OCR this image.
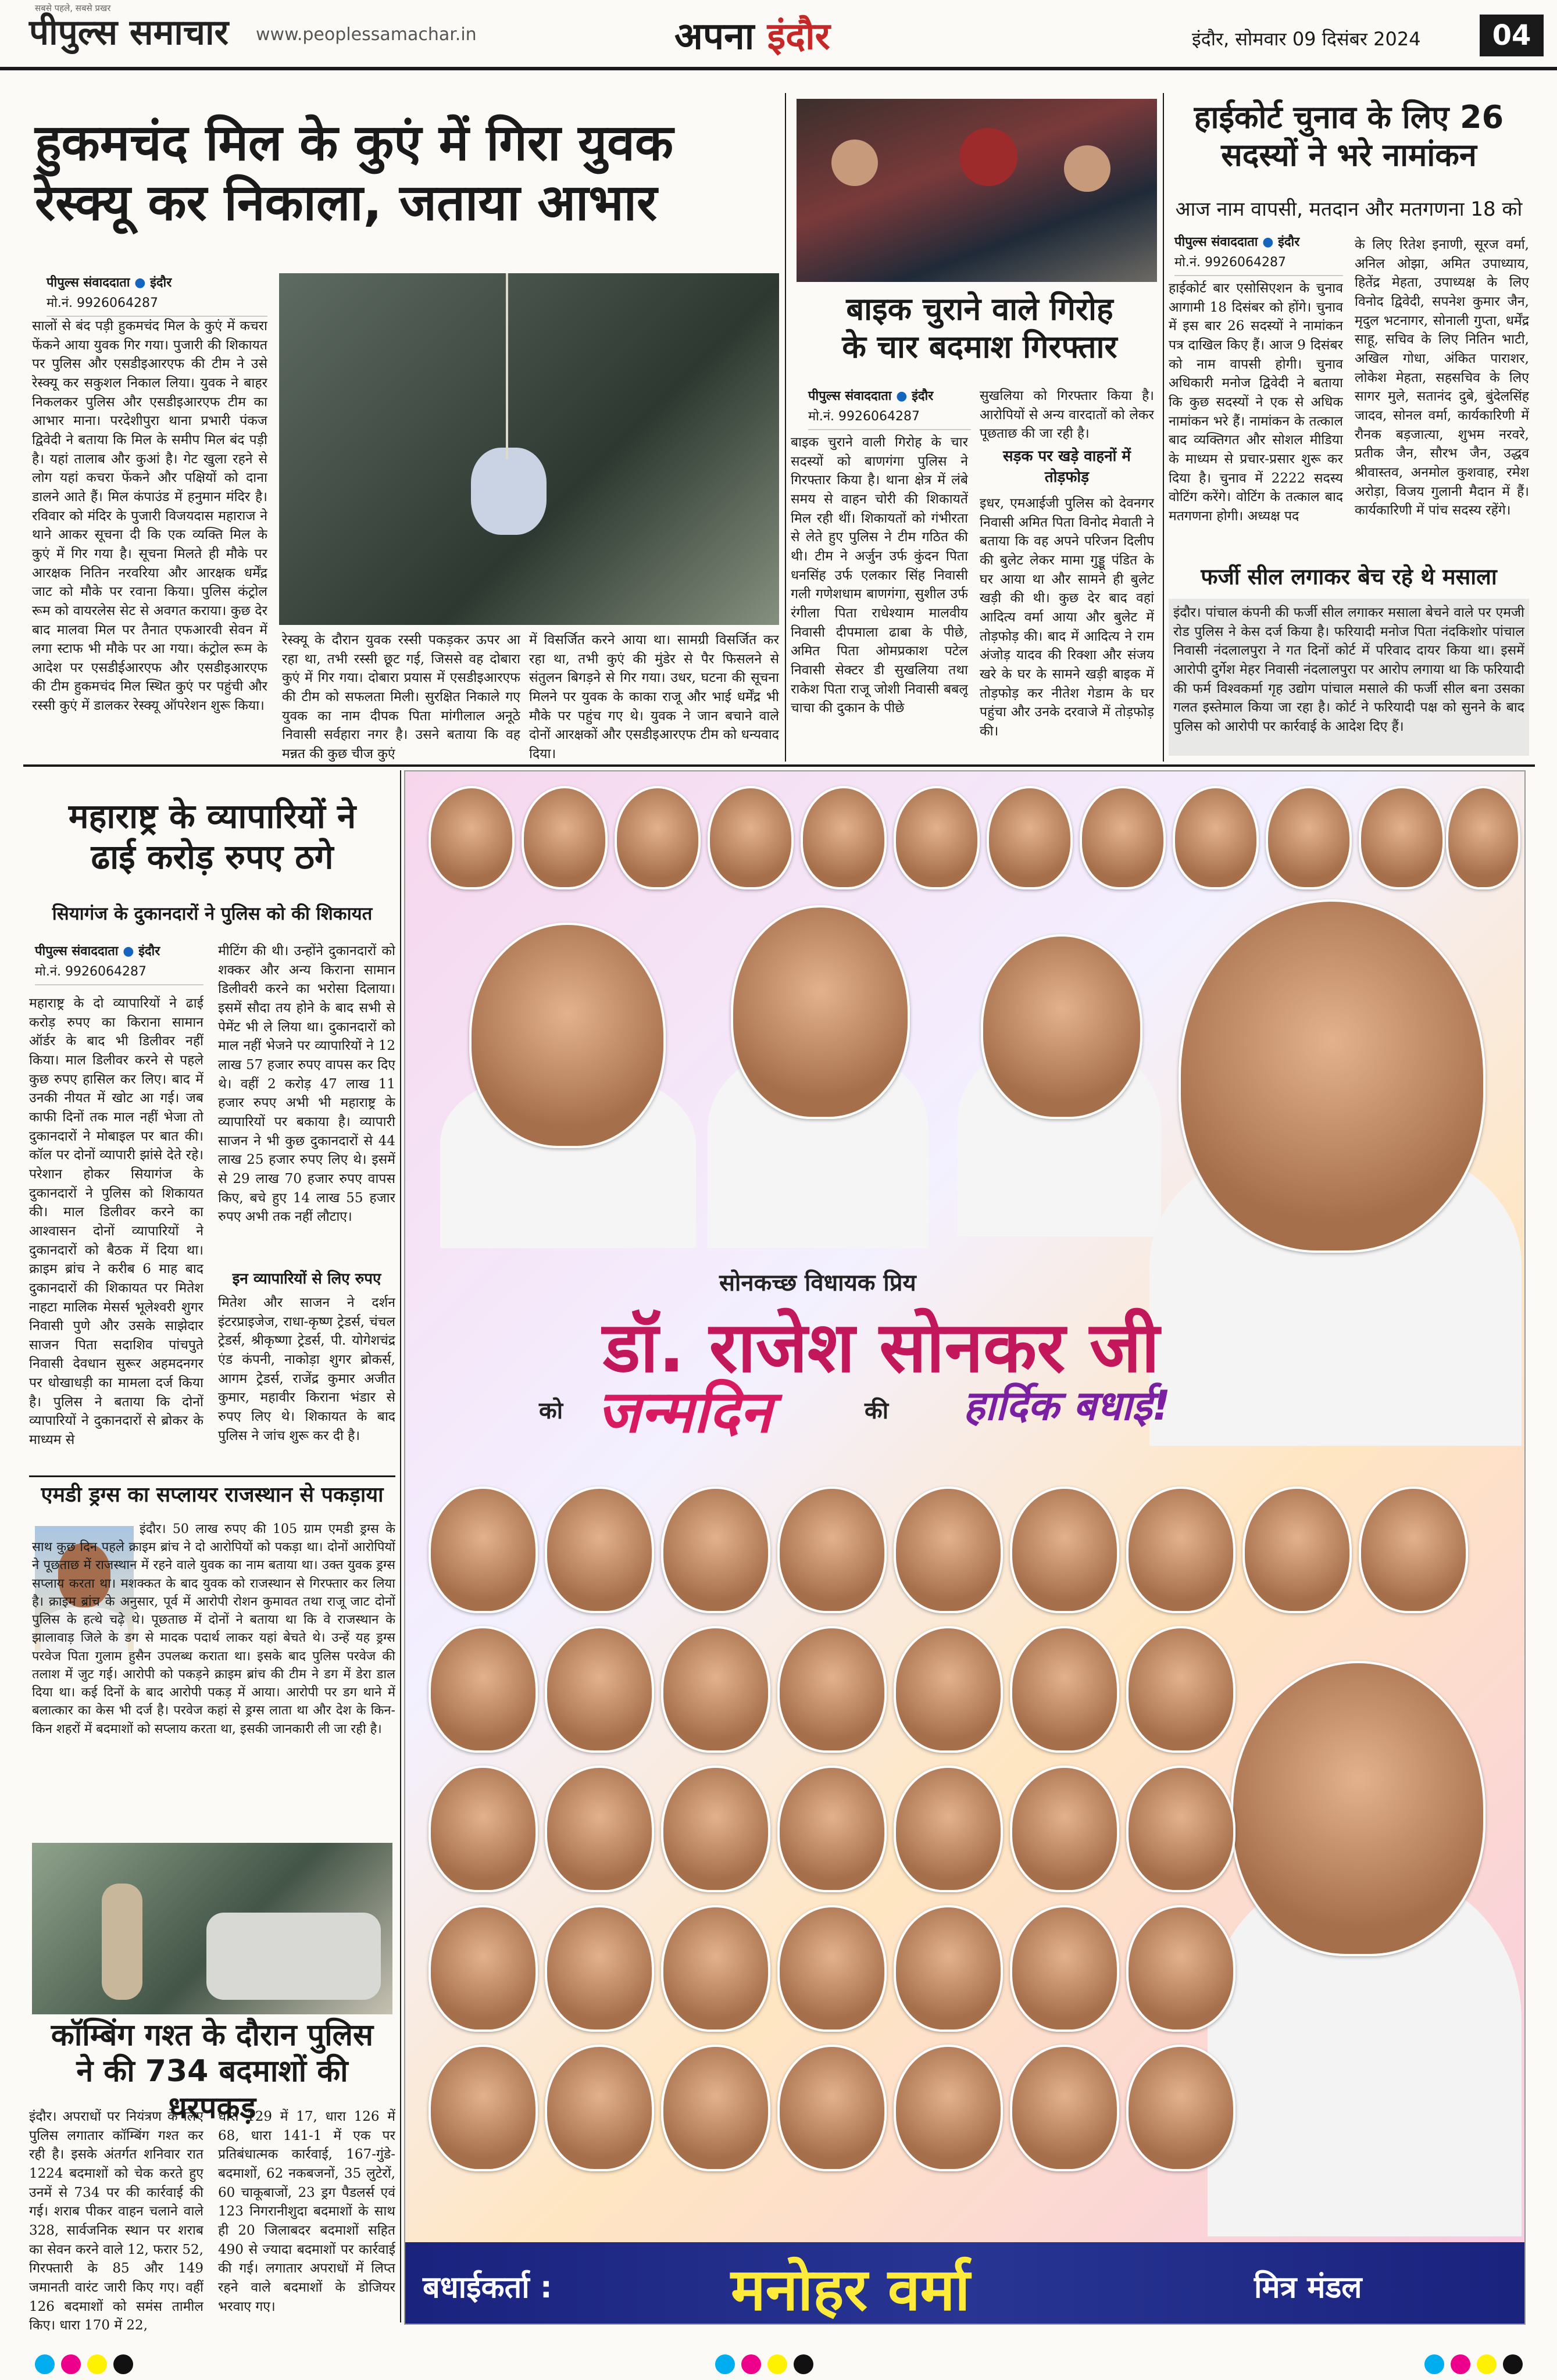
पीपुल्स समाचार
सबसे पहले, सबसे प्रखर
www.peoplessamachar.in	अपना इंदौर	इंदौर, सोमवार 09 दिसंबर 2024	04
हुकमचंद मिल के कुएं में गिरा युवक
रेस्क्यू कर निकाला, जताया आभार
पीपुल्स संवाददाता ● इंदौर
मो.नं. 9926064287
सालों से बंद पड़ी हुकमचंद मिल के कुएं में कचरा फेंकने आया युवक गिर गया। पुजारी की शिकायत पर पुलिस और एसडीइआरएफ की टीम ने उसे रेस्क्यू कर सकुशल निकाल लिया। युवक ने बाहर निकलकर पुलिस और एसडीइआरएफ टीम का आभार माना। परदेशीपुरा थाना प्रभारी पंकज द्विवेदी ने बताया कि मिल के समीप मिल बंद पड़ी है। यहां तालाब और कुआं है। गेट खुला रहने से लोग यहां कचरा फेंकने और पक्षियों को दाना डालने आते हैं। मिल कंपाउंड में हनुमान मंदिर है। रविवार को मंदिर के पुजारी विजयदास महाराज ने थाने आकर सूचना दी कि एक व्यक्ति मिल के कुएं में गिर गया है। सूचना मिलते ही मौके पर आरक्षक नितिन नरवरिया और आरक्षक धर्मेंद्र जाट को मौके पर रवाना किया। पुलिस कंट्रोल रूम को वायरलेस सेट से अवगत कराया। कुछ देर बाद मालवा मिल पर तैनात एफआरवी सेवन में लगा स्टाफ भी मौके पर आ गया। कंट्रोल रूम के आदेश पर एसडीईआरएफ और एसडीइआरएफ की टीम हुकमचंद मिल स्थित कुएं पर पहुंची और रस्सी कुएं में डालकर रेस्क्यू ऑपरेशन शुरू किया।
रेस्क्यू के दौरान युवक रस्सी पकड़कर ऊपर आ रहा था, तभी रस्सी छूट गई, जिससे वह दोबारा कुएं में गिर गया। दोबारा प्रयास में एसडीइआरएफ की टीम को सफलता मिली। सुरक्षित निकाले गए युवक का नाम दीपक पिता मांगीलाल अनूठे निवासी सर्वहारा नगर है। उसने बताया कि वह मन्नत की कुछ चीज कुएं
में विसर्जित करने आया था। सामग्री विसर्जित कर रहा था, तभी कुएं की मुंडेर से पैर फिसलने से संतुलन बिगड़ने से गिर गया। उधर, घटना की सूचना मिलने पर युवक के काका राजू और भाई धर्मेंद्र भी मौके पर पहुंच गए थे। युवक ने जान बचाने वाले दोनों आरक्षकों और एसडीइआरएफ टीम को धन्यवाद दिया।
बाइक चुराने वाले गिरोह
के चार बदमाश गिरफ्तार
पीपुल्स संवाददाता ● इंदौर
मो.नं. 9926064287
बाइक चुराने वाली गिरोह के चार सदस्यों को बाणगंगा पुलिस ने गिरफ्तार किया है। थाना क्षेत्र में लंबे समय से वाहन चोरी की शिकायतें मिल रही थीं। शिकायतों को गंभीरता से लेते हुए पुलिस ने टीम गठित की थी। टीम ने अर्जुन उर्फ कुंदन पिता धनसिंह उर्फ एलकार सिंह निवासी गली गणेशधाम बाणगंगा, सुशील उर्फ रंगीला पिता राधेश्याम मालवीय निवासी दीपमाला ढाबा के पीछे, अमित पिता ओमप्रकाश पटेल निवासी सेक्टर डी सुखलिया तथा राकेश पिता राजू जोशी निवासी बबलू चाचा की दुकान के पीछे
सुखलिया को गिरफ्तार किया है। आरोपियों से अन्य वारदातों को लेकर पूछताछ की जा रही है।
सड़क पर खड़े वाहनों में तोड़फोड़
इधर, एमआईजी पुलिस को देवनगर निवासी अमित पिता विनोद मेवाती ने बताया कि वह अपने परिजन दिलीप की बुलेट लेकर मामा गुड्डू पंडित के घर आया था और सामने ही बुलेट खड़ी की थी। कुछ देर बाद वहां आदित्य वर्मा आया और बुलेट में तोड़फोड़ की। बाद में आदित्य ने राम अंजोड़ यादव की रिक्शा और संजय खरे के घर के सामने खड़ी बाइक में तोड़फोड़ कर नीतेश गेडाम के घर पहुंचा और उनके दरवाजे में तोड़फोड़ की।
हाईकोर्ट चुनाव के लिए 26
सदस्यों ने भरे नामांकन
आज नाम वापसी, मतदान और मतगणना 18 को
पीपुल्स संवाददाता ● इंदौर
मो.नं. 9926064287
हाईकोर्ट बार एसोसिएशन के चुनाव आगामी 18 दिसंबर को होंगे। चुनाव में इस बार 26 सदस्यों ने नामांकन पत्र दाखिल किए हैं। आज 9 दिसंबर को नाम वापसी होगी। चुनाव अधिकारी मनोज द्विवेदी ने बताया कि कुछ सदस्यों ने एक से अधिक नामांकन भरे हैं। नामांकन के तत्काल बाद व्यक्तिगत और सोशल मीडिया के माध्यम से प्रचार-प्रसार शुरू कर दिया है। चुनाव में 2222 सदस्य वोटिंग करेंगे। वोटिंग के तत्काल बाद मतगणना होगी। अध्यक्ष पद
के लिए रितेश इनाणी, सूरज वर्मा, अनिल ओझा, अमित उपाध्याय, हितेंद्र मेहता, उपाध्यक्ष के लिए विनोद द्विवेदी, सपनेश कुमार जैन, मृदुल भटनागर, सोनाली गुप्ता, धर्मेंद्र साहू, सचिव के लिए नितिन भाटी, अखिल गोधा, अंकित पाराशर, लोकेश मेहता, सहसचिव के लिए सागर मुले, सतानंद दुबे, बुंदेलसिंह जादव, सोनल वर्मा, कार्यकारिणी में रौनक बड़जात्या, शुभम नरवरे, प्रतीक जैन, सौरभ जैन, उद्धव श्रीवास्तव, अनमोल कुशवाह, रमेश अरोड़ा, विजय गुलानी मैदान में हैं। कार्यकारिणी में पांच सदस्य रहेंगे।
फर्जी सील लगाकर बेच रहे थे मसाला
इंदौर। पांचाल कंपनी की फर्जी सील लगाकर मसाला बेचने वाले पर एमजी रोड पुलिस ने केस दर्ज किया है। फरियादी मनोज पिता नंदकिशोर पांचाल निवासी नंदलालपुरा ने गत दिनों कोर्ट में परिवाद दायर किया था। इसमें आरोपी दुर्गेश मेहर निवासी नंदलालपुरा पर आरोप लगाया था कि फरियादी की फर्म विश्वकर्मा गृह उद्योग पांचाल मसाले की फर्जी सील बना उसका गलत इस्तेमाल किया जा रहा है। कोर्ट ने फरियादी पक्ष को सुनने के बाद पुलिस को आरोपी पर कार्रवाई के आदेश दिए हैं।
महाराष्ट्र के व्यापारियों ने
ढाई करोड़ रुपए ठगे
सियागंज के दुकानदारों ने पुलिस को की शिकायत
पीपुल्स संवाददाता ● इंदौर
मो.नं. 9926064287
महाराष्ट्र के दो व्यापारियों ने ढाई करोड़ रुपए का किराना सामान ऑर्डर के बाद भी डिलीवर नहीं किया। माल डिलीवर करने से पहले कुछ रुपए हासिल कर लिए। बाद में उनकी नीयत में खोट आ गई। जब काफी दिनों तक माल नहीं भेजा तो दुकानदारों ने मोबाइल पर बात की। कॉल पर दोनों व्यापारी झांसे देते रहे। परेशान होकर सियागंज के दुकानदारों ने पुलिस को शिकायत की। माल डिलीवर करने का आश्वासन दोनों व्यापारियों ने दुकानदारों को बैठक में दिया था। क्राइम ब्रांच ने करीब 6 माह बाद दुकानदारों की शिकायत पर मितेश नाहटा मालिक मेसर्स भूलेश्वरी शुगर निवासी पुणे और उसके साझेदार साजन पिता सदाशिव पांचपुते निवासी देवधान सुरूर अहमदनगर पर धोखाधड़ी का मामला दर्ज किया है। पुलिस ने बताया कि दोनों व्यापारियों ने दुकानदारों से ब्रोकर के माध्यम से
मीटिंग की थी। उन्होंने दुकानदारों को शक्कर और अन्य किराना सामान डिलीवरी करने का भरोसा दिलाया। इसमें सौदा तय होने के बाद सभी से पेमेंट भी ले लिया था। दुकानदारों को माल नहीं भेजने पर व्यापारियों ने 12 लाख 57 हजार रुपए वापस कर दिए थे। वहीं 2 करोड़ 47 लाख 11 हजार रुपए अभी भी महाराष्ट्र के व्यापारियों पर बकाया है। व्यापारी साजन ने भी कुछ दुकानदारों से 44 लाख 25 हजार रुपए लिए थे। इसमें से 29 लाख 70 हजार रुपए वापस किए, बचे हुए 14 लाख 55 हजार रुपए अभी तक नहीं लौटाए।
इन व्यापारियों से लिए रुपए
मितेश और साजन ने दर्शन इंटरप्राइजेज, राधा-कृष्ण ट्रेडर्स, चंचल ट्रेडर्स, श्रीकृष्णा ट्रेडर्स, पी. योगेशचंद्र एंड कंपनी, नाकोड़ा शुगर ब्रोकर्स, आगम ट्रेडर्स, राजेंद्र कुमार अजीत कुमार, महावीर किराना भंडार से रुपए लिए थे। शिकायत के बाद पुलिस ने जांच शुरू कर दी है।
एमडी ड्रग्स का सप्लायर राजस्थान से पकड़ाया
इंदौर। 50 लाख रुपए की 105 ग्राम एमडी ड्रग्स के साथ कुछ दिन पहले क्राइम ब्रांच ने दो आरोपियों को पकड़ा था। दोनों आरोपियों ने पूछताछ में राजस्थान में रहने वाले युवक का नाम बताया था। उक्त युवक ड्रग्स सप्लाय करता था। मशक्कत के बाद युवक को राजस्थान से गिरफ्तार कर लिया है। क्राइम ब्रांच के अनुसार, पूर्व में आरोपी रोशन कुमावत तथा राजू जाट दोनों पुलिस के हत्थे चढ़े थे। पूछताछ में दोनों ने बताया था कि वे राजस्थान के झालावाड़ जिले के डग से मादक पदार्थ लाकर यहां बेचते थे। उन्हें यह ड्रग्स परवेज पिता गुलाम हुसैन उपलब्ध कराता था। इसके बाद पुलिस परवेज की तलाश में जुट गई। आरोपी को पकड़ने क्राइम ब्रांच की टीम ने डग में डेरा डाल दिया था। कई दिनों के बाद आरोपी पकड़ में आया। आरोपी पर डग थाने में बलात्कार का केस भी दर्ज है। परवेज कहां से ड्रग्स लाता था और देश के किन-किन शहरों में बदमाशों को सप्लाय करता था, इसकी जानकारी ली जा रही है।
कॉम्बिंग गश्त के दौरान पुलिस
ने की 734 बदमाशों की धरपकड़
इंदौर। अपराधों पर नियंत्रण के लिए पुलिस लगातार कॉम्बिंग गश्त कर रही है। इसके अंतर्गत शनिवार रात 1224 बदमाशों को चेक करते हुए उनमें से 734 पर की कार्रवाई की गई। शराब पीकर वाहन चलाने वाले 328, सार्वजनिक स्थान पर शराब का सेवन करने वाले 12, फरार 52, गिरफ्तारी के 85 और 149 जमानती वारंट जारी किए गए। वहीं 126 बदमाशों को समंस तामील किए। धारा 170 में 22,
धारा 129 में 17, धारा 126 में 68, धारा 141-1 में एक पर प्रतिबंधात्मक कार्रवाई, 167-गुंडे-बदमाशों, 62 नकबजनों, 35 लुटेरों, 60 चाकूबाजों, 23 ड्रग पैडलर्स एवं 123 निगरानीशुदा बदमाशों के साथ ही 20 जिलाबदर बदमाशों सहित 490 से ज्यादा बदमाशों पर कार्रवाई की गई। लगातार अपराधों में लिप्त रहने वाले बदमाशों के डोजियर भरवाए गए।
सोनकच्छ विधायक प्रिय
डॉ. राजेश सोनकर जी
को जन्मदिन	की हार्दिक बधाई!
बधाईकर्ता :	मनोहर वर्मा	मित्र मंडल
